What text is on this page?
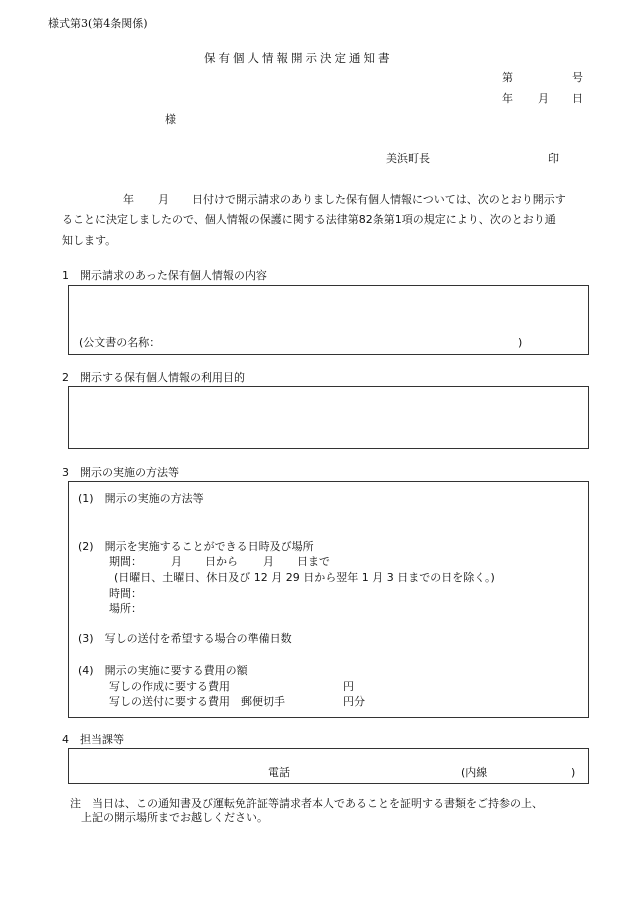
様式第3(第4条関係)
保有個人情報開示決定通知書
第	号
年 月 日
様
美浜町長	印
年 月 日付けで開示請求のありました保有個人情報については、次のとおり開示す
ることに決定しましたので、個人情報の保護に関する法律第82条第1項の規定により、次のとおり通
知します。
1　開示請求のあった保有個人情報の内容
(公文書の名称：	)
2　開示する保有個人情報の利用目的
3　開示の実施の方法等
(1)　開示の実施の方法等
(2)　開示を実施することができる日時及び場所
期間：	月 日から 月 日まで
(日曜日、土曜日、休日及び 12 月 29 日から翌年 1 月 3 日までの日を除く。)
時間：
場所：
(3)　写しの送付を希望する場合の準備日数
(4)　開示の実施に要する費用の額
写しの作成に要する費用	円
写しの送付に要する費用　郵便切手	円分
4　担当課等
電話	(内線	)
注　当日は、この通知書及び運転免許証等請求者本人であることを証明する書類をご持参の上、
上記の開示場所までお越しください。
